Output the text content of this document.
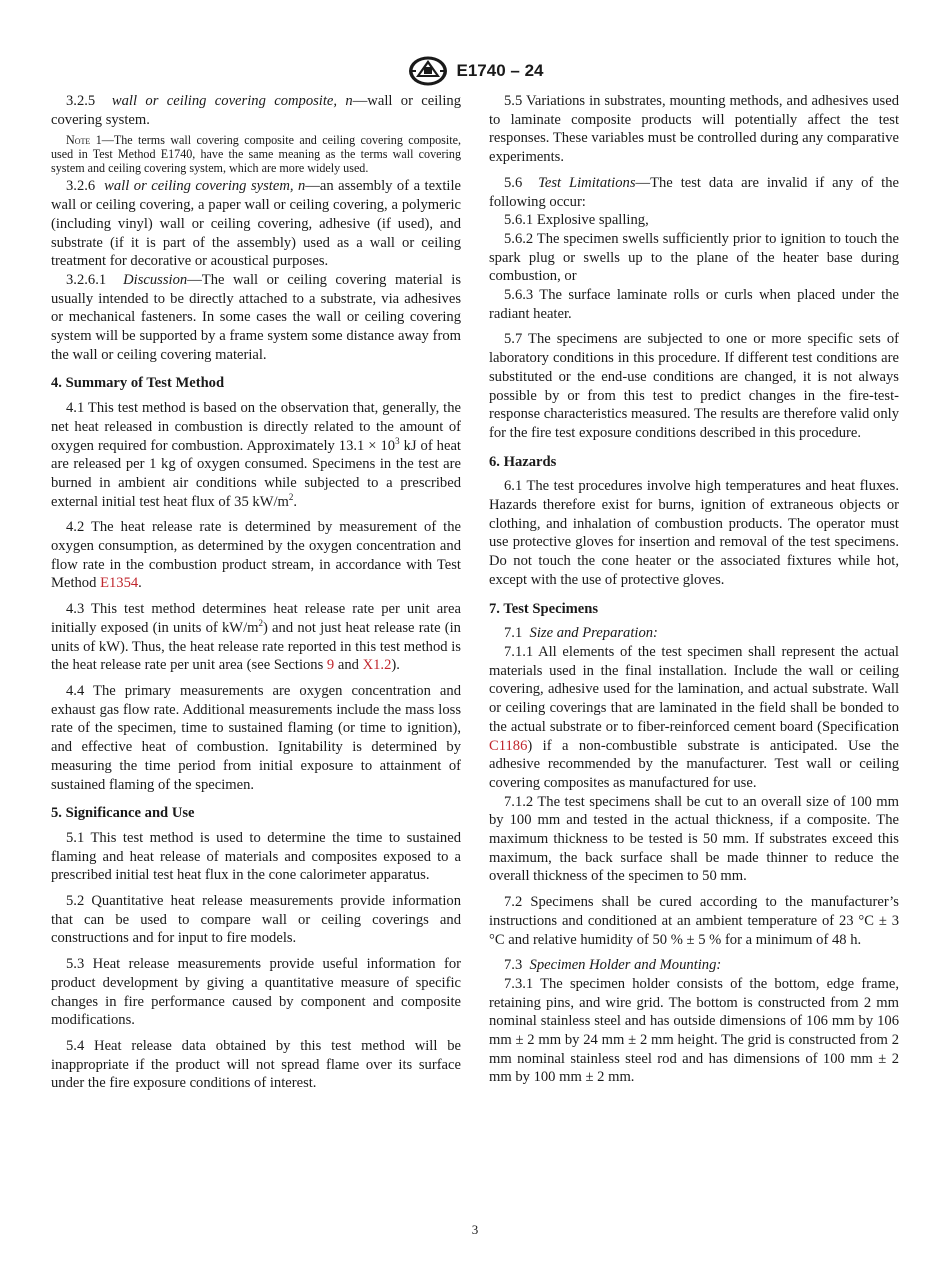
E1740 – 24

3.2.5 wall or ceiling covering composite, n—wall or ceiling covering system.

Note 1—The terms wall covering composite and ceiling covering composite, used in Test Method E1740, have the same meaning as the terms wall covering system and ceiling covering system, which are more widely used.

3.2.6 wall or ceiling covering system, n—an assembly of a textile wall or ceiling covering, a paper wall or ceiling covering, a polymeric (including vinyl) wall or ceiling covering, adhesive (if used), and substrate (if it is part of the assembly) used as a wall or ceiling treatment for decorative or acoustical purposes.

3.2.6.1 Discussion—The wall or ceiling covering material is usually intended to be directly attached to a substrate, via adhesives or mechanical fasteners. In some cases the wall or ceiling covering system will be supported by a frame system some distance away from the wall or ceiling covering material.

4. Summary of Test Method

4.1 This test method is based on the observation that, generally, the net heat released in combustion is directly related to the amount of oxygen required for combustion. Approximately $13.1 \times 10^3$ kJ of heat are released per 1 kg of oxygen consumed. Specimens in the test are burned in ambient air conditions while subjected to a prescribed external initial test heat flux of 35 $kW/m^2$.

4.2 The heat release rate is determined by measurement of the oxygen consumption, as determined by the oxygen concentration and flow rate in the combustion product stream, in accordance with Test Method E1354.

4.3 This test method determines heat release rate per unit area initially exposed (in units of $kW/m^2$) and not just heat release rate (in units of kW). Thus, the heat release rate reported in this test method is the heat release rate per unit area (see Sections 9 and X1.2).

4.4 The primary measurements are oxygen concentration and exhaust gas flow rate. Additional measurements include the mass loss rate of the specimen, time to sustained flaming (or time to ignition), and effective heat of combustion. Ignitability is determined by measuring the time period from initial exposure to attainment of sustained flaming of the specimen.

5. Significance and Use

5.1 This test method is used to determine the time to sustained flaming and heat release of materials and composites exposed to a prescribed initial test heat flux in the cone calorimeter apparatus.

5.2 Quantitative heat release measurements provide information that can be used to compare wall or ceiling coverings and constructions and for input to fire models.

5.3 Heat release measurements provide useful information for product development by giving a quantitative measure of specific changes in fire performance caused by component and composite modifications.

5.4 Heat release data obtained by this test method will be inappropriate if the product will not spread flame over its surface under the fire exposure conditions of interest.

5.5 Variations in substrates, mounting methods, and adhesives used to laminate composite products will potentially affect the test responses. These variables must be controlled during any comparative experiments.

5.6 Test Limitations—The test data are invalid if any of the following occur:

5.6.1 Explosive spalling,

5.6.2 The specimen swells sufficiently prior to ignition to touch the spark plug or swells up to the plane of the heater base during combustion, or

5.6.3 The surface laminate rolls or curls when placed under the radiant heater.

5.7 The specimens are subjected to one or more specific sets of laboratory conditions in this procedure. If different test conditions are substituted or the end-use conditions are changed, it is not always possible by or from this test to predict changes in the fire-test-response characteristics measured. The results are therefore valid only for the fire test exposure conditions described in this procedure.

6. Hazards

6.1 The test procedures involve high temperatures and heat fluxes. Hazards therefore exist for burns, ignition of extraneous objects or clothing, and inhalation of combustion products. The operator must use protective gloves for insertion and removal of the test specimens. Do not touch the cone heater or the associated fixtures while hot, except with the use of protective gloves.

7. Test Specimens

7.1 Size and Preparation:

7.1.1 All elements of the test specimen shall represent the actual materials used in the final installation. Include the wall or ceiling covering, adhesive used for the lamination, and actual substrate. Wall or ceiling coverings that are laminated in the field shall be bonded to the actual substrate or to fiber-reinforced cement board (Specification C1186) if a non-combustible substrate is anticipated. Use the adhesive recommended by the manufacturer. Test wall or ceiling covering composites as manufactured for use.

7.1.2 The test specimens shall be cut to an overall size of 100 mm by 100 mm and tested in the actual thickness, if a composite. The maximum thickness to be tested is 50 mm. If substrates exceed this maximum, the back surface shall be made thinner to reduce the overall thickness of the specimen to 50 mm.

7.2 Specimens shall be cured according to the manufacturer’s instructions and conditioned at an ambient temperature of 23 °C ± 3 °C and relative humidity of 50 % ± 5 % for a minimum of 48 h.

7.3 Specimen Holder and Mounting:

7.3.1 The specimen holder consists of the bottom, edge frame, retaining pins, and wire grid. The bottom is constructed from 2 mm nominal stainless steel and has outside dimensions of 106 mm by 106 mm ± 2 mm by 24 mm ± 2 mm height. The grid is constructed from 2 mm nominal stainless steel rod and has dimensions of 100 mm ± 2 mm by 100 mm ± 2 mm.

3
